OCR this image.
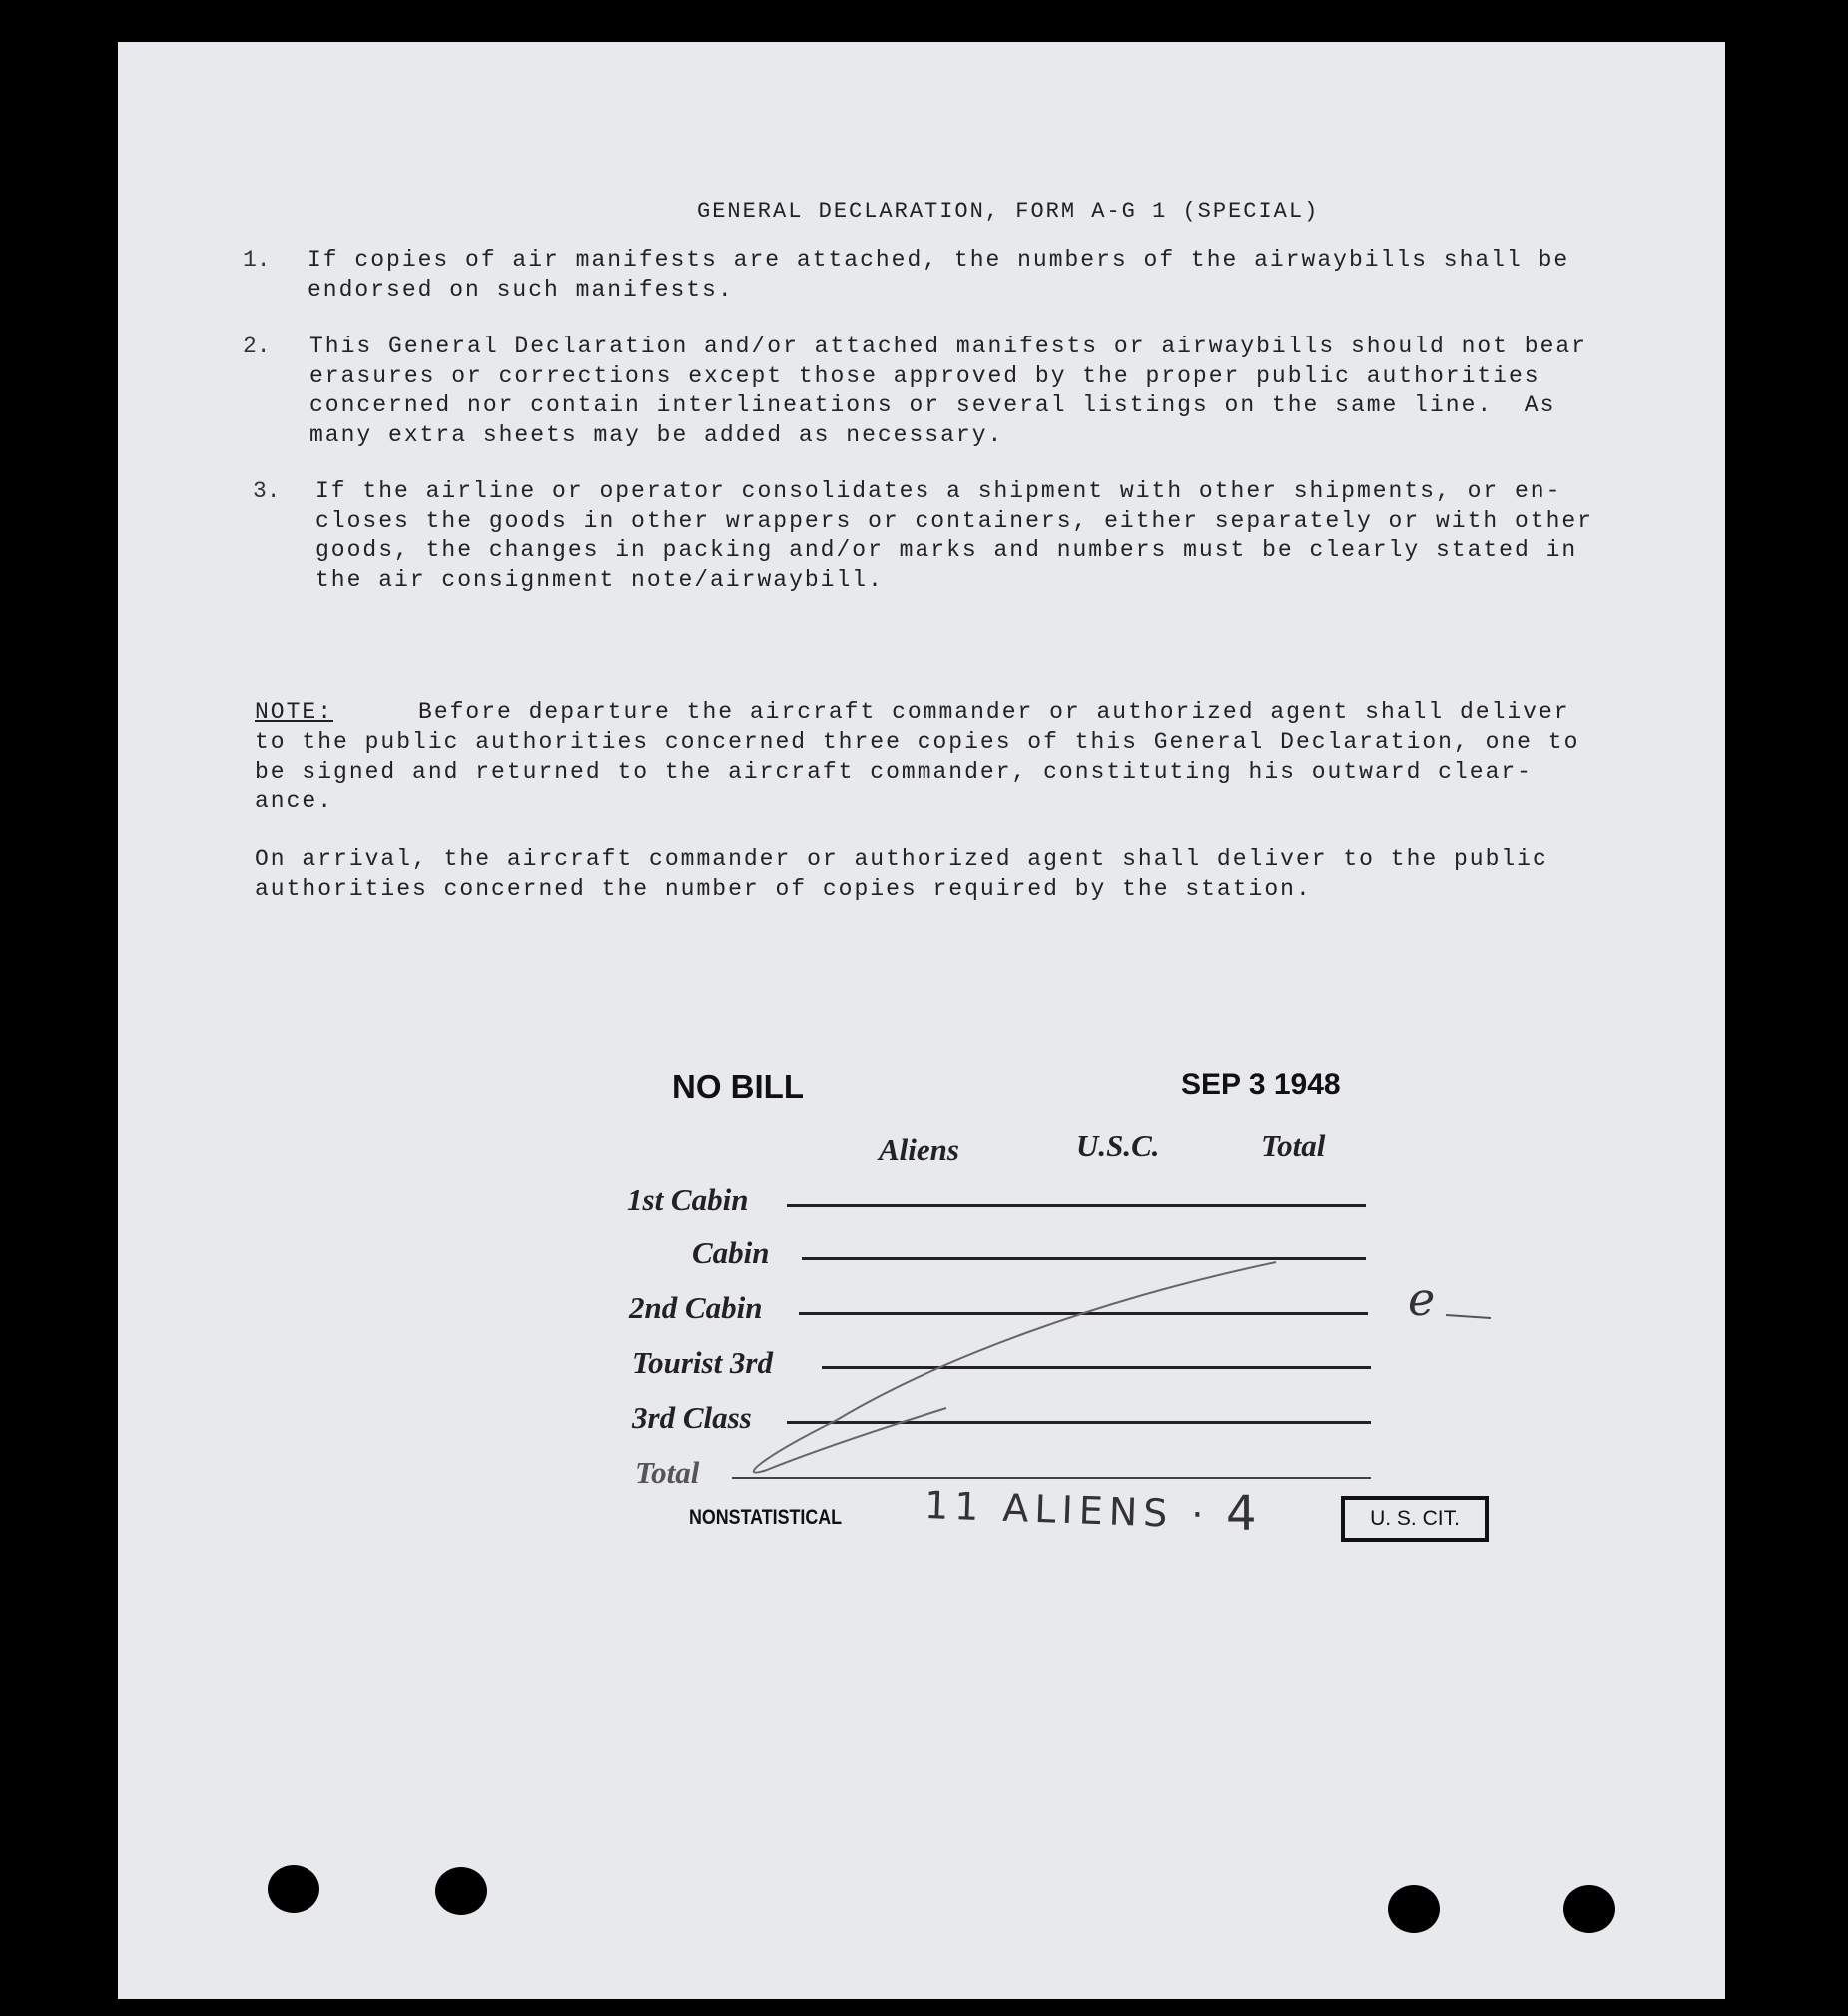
GENERAL DECLARATION, FORM A-G 1 (SPECIAL)
1. If copies of air manifests are attached, the numbers of the airwaybills shall be
endorsed on such manifests.
2. This General Declaration and/or attached manifests or airwaybills should not bear
erasures or corrections except those approved by the proper public authorities
concerned nor contain interlineations or several listings on the same line.  As
many extra sheets may be added as necessary.
3. If the airline or operator consolidates a shipment with other shipments, or en-
closes the goods in other wrappers or containers, either separately or with other
goods, the changes in packing and/or marks and numbers must be clearly stated in
the air consignment note/airwaybill.
NOTE: Before departure the aircraft commander or authorized agent shall deliver
to the public authorities concerned three copies of this General Declaration, one to
be signed and returned to the aircraft commander, constituting his outward clear-
ance.
On arrival, the aircraft commander or authorized agent shall deliver to the public
authorities concerned the number of copies required by the station.
NO BILL	SEP 3 1948
Aliens	U.S.C.	Total
1st Cabin
Cabin
2nd Cabin
Tourist 3rd
3rd Class
Total
NONSTATISTICAL	U. S. CIT.
11 ALIENS · 4
e
